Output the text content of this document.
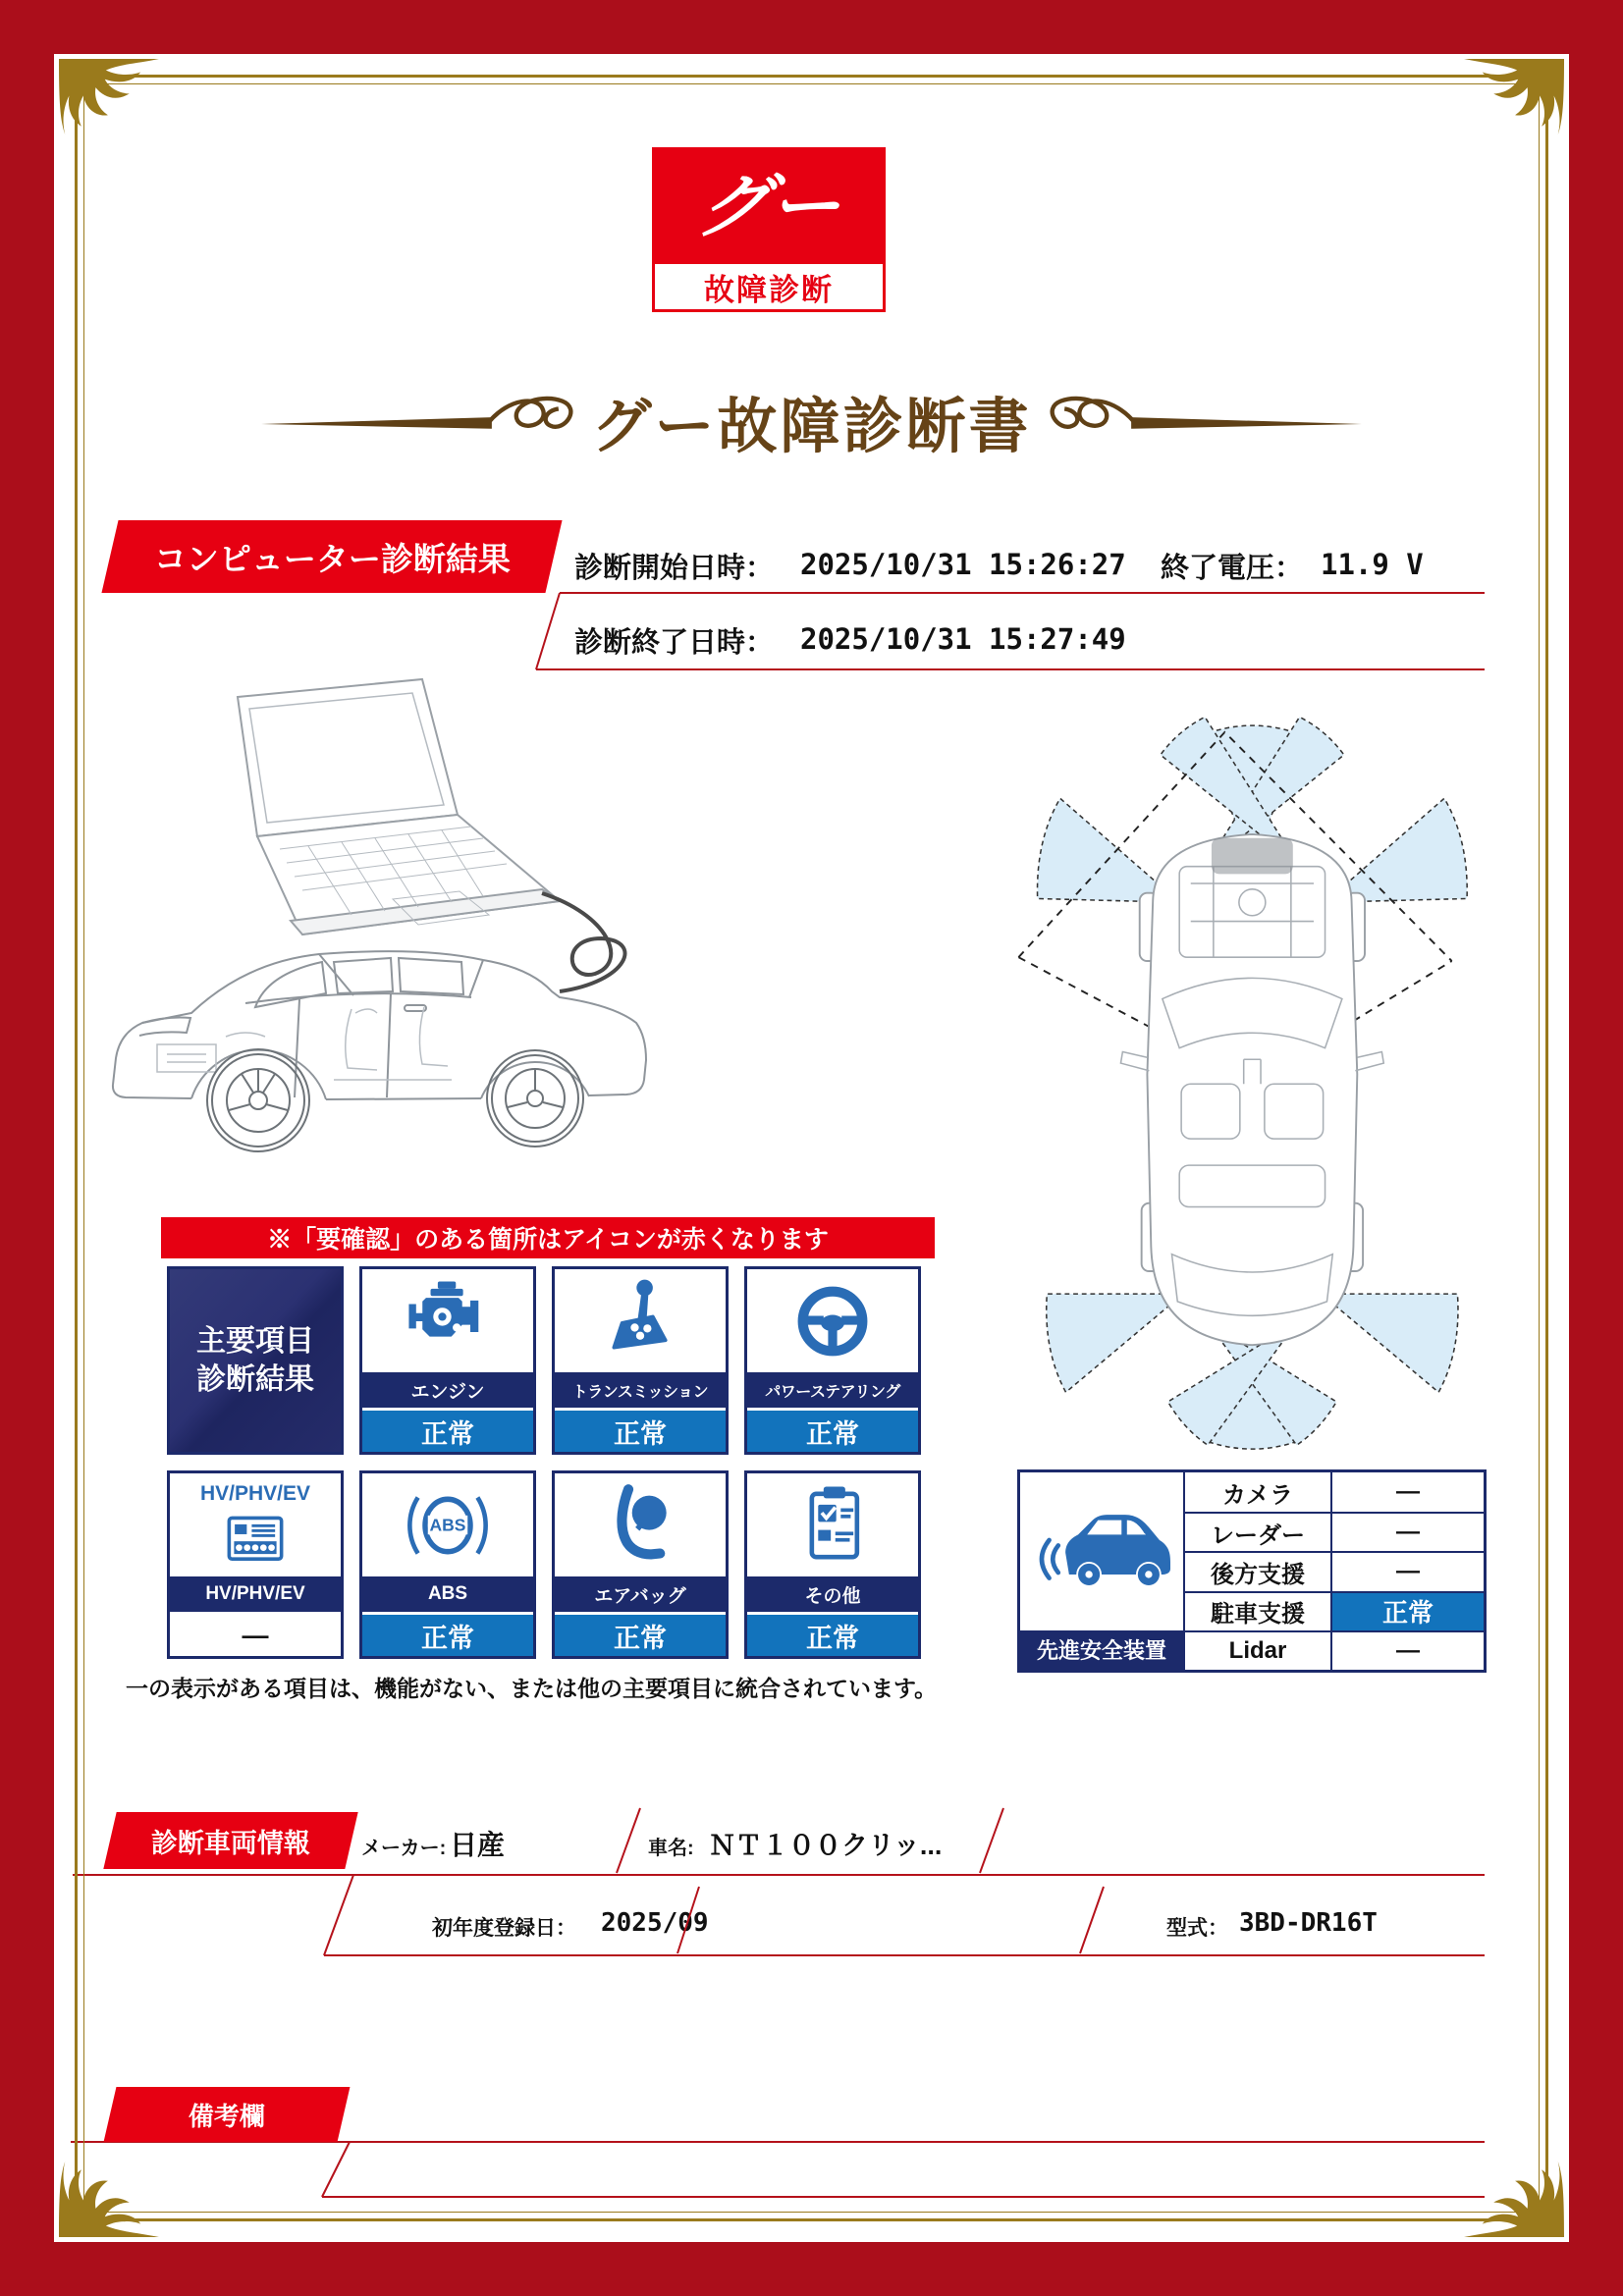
グー
故障診断
グー故障診断書
コンピューター診断結果 診断開始日時： 2025/10/31 15:26:27 終了電圧： 11.9 V
診断終了日時： 2025/10/31 15:27:49
※「要確認」のある箇所はアイコンが赤くなります
主要項目
診断結果	エンジン
正常
トランスミッション
正常
パワーステアリング
正常
HV/PHV/EV
HV/PHV/EV
—
ABS
ABS
正常
エアバッグ
正常
その他
正常
一の表示がある項目は、機能がない、または他の主要項目に統合されています。
先進安全装置
カメラ	—
レーダー	—
後方支援	—
駐車支援	正常
Lidar	—
診断車両情報	メーカー: 日産	車名: ＮＴ１００クリッ...
初年度登録日： 2025/09	型式： 3BD-DR16T
備考欄
